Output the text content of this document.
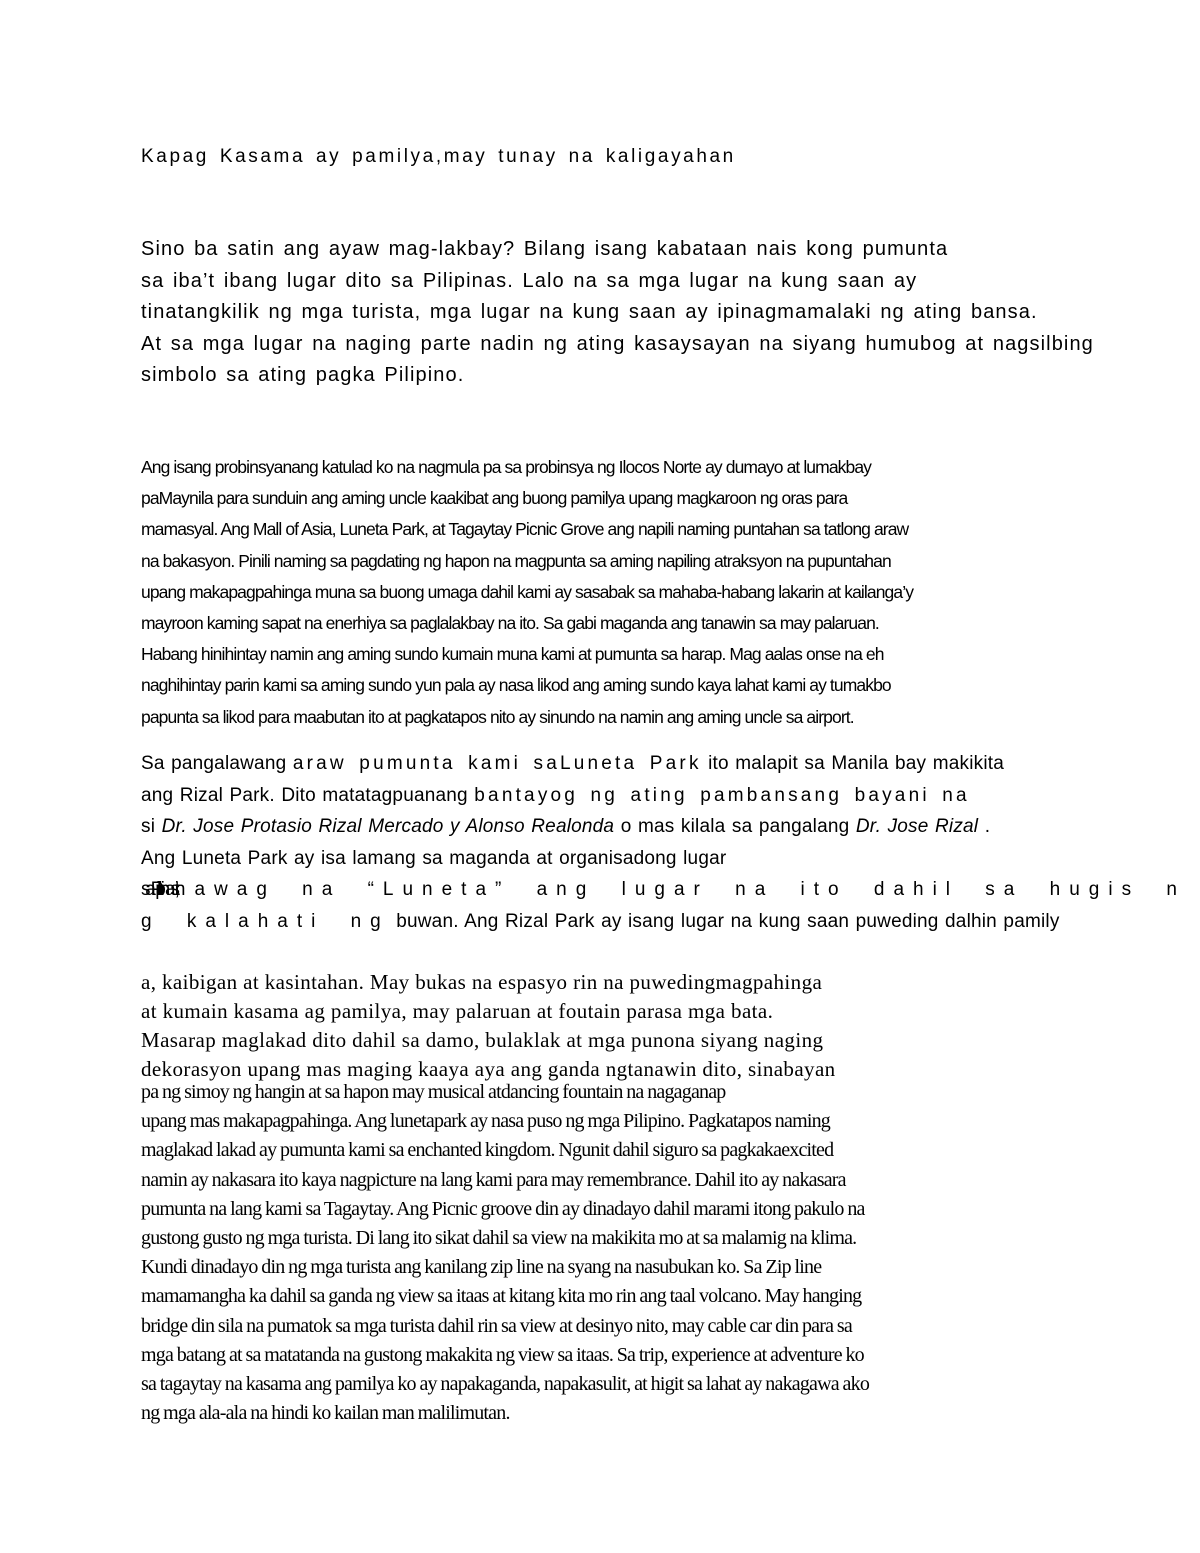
Kapag Kasama ay pamilya,may tunay na kaligayahan

Sino ba satin ang ayaw mag-lakbay? Bilang isang kabataan nais kong pumunta
sa iba’t ibang lugar dito sa Pilipinas. Lalo na sa mga lugar na kung saan ay
tinatangkilik ng mga turista, mga lugar na kung saan ay ipinagmamalaki ng ating bansa.
At sa mga lugar na naging parte nadin ng ating kasaysayan na siyang humubog at nagsilbing
simbolo sa ating pagka Pilipino.
Ang isang probinsyanang katulad ko na nagmula pa sa probinsya ng Ilocos Norte ay dumayo at lumakbay
paMaynila para sunduin ang aming uncle kaakibat ang buong pamilya upang magkaroon ng oras para
mamasyal. Ang Mall of Asia, Luneta Park, at Tagaytay Picnic Grove ang napili naming puntahan sa tatlong araw
na bakasyon. Pinili naming sa pagdating ng hapon na magpunta sa aming napiling atraksyon na pupuntahan
upang makapagpahinga muna sa buong umaga dahil kami ay sasabak sa mahaba-habang lakarin at kailanga’y
mayroon kaming sapat na enerhiya sa paglalakbay na ito. Sa gabi maganda ang tanawin sa may palaruan.
Habang hinihintay namin ang aming sundo kumain muna kami at pumunta sa harap. Mag aalas onse na eh
naghihintay parin kami sa aming sundo yun pala ay nasa likod ang aming sundo kaya lahat kami ay tumakbo
papunta sa likod para maabutan ito at pagkatapos nito ay sinundo na namin ang aming uncle sa airport.
Sa pangalawang araw pumunta kami saLuneta Park ito malapit sa Manila bay makikita
ang Rizal Park. Dito matatagpuanang bantayog ng ating pambansang bayani na
si Dr. Jose Protasio Rizal Mercado y Alonso Realonda o mas kilala sa pangalang Dr. Jose Rizal .
Ang Luneta Park ay isa lamang sa maganda at organisadong lugar
saPilipinas,ti nawag na “Luneta” ang lugar na ito dahil sa hugis n
g kalahati ng buwan. Ang Rizal Park ay isang lugar na kung saan puweding dalhin pamily
a, kaibigan at kasintahan. May bukas na espasyo rin na puwedingmagpahinga
at kumain kasama ag pamilya, may palaruan at foutain parasa mga bata.
Masarap maglakad dito dahil sa damo, bulaklak at mga punona siyang naging
dekorasyon upang mas maging kaaya aya ang ganda ngtanawin dito, sinabayan
pa ng simoy ng hangin at sa hapon may musical atdancing fountain na nagaganap
upang mas makapagpahinga. Ang lunetapark ay nasa puso ng mga Pilipino. Pagkatapos naming
maglakad lakad ay pumunta kami sa enchanted kingdom. Ngunit dahil siguro sa pagkakaexcited
namin ay nakasara ito kaya nagpicture na lang kami para may remembrance. Dahil ito ay nakasara
pumunta na lang kami sa Tagaytay. Ang Picnic groove din ay dinadayo dahil marami itong pakulo na
gustong gusto ng mga turista. Di lang ito sikat dahil sa view na makikita mo at sa malamig na klima.
Kundi dinadayo din ng mga turista ang kanilang zip line na syang na nasubukan ko. Sa Zip line
mamamangha ka dahil sa ganda ng view sa itaas at kitang kita mo rin ang taal volcano. May hanging
bridge din sila na pumatok sa mga turista dahil rin sa view at desinyo nito, may cable car din para sa
mga batang at sa matatanda na gustong makakita ng view sa itaas. Sa trip, experience at adventure ko
sa tagaytay na kasama ang pamilya ko ay napakaganda, napakasulit, at higit sa lahat ay nakagawa ako
ng mga ala-ala na hindi ko kailan man malilimutan.
